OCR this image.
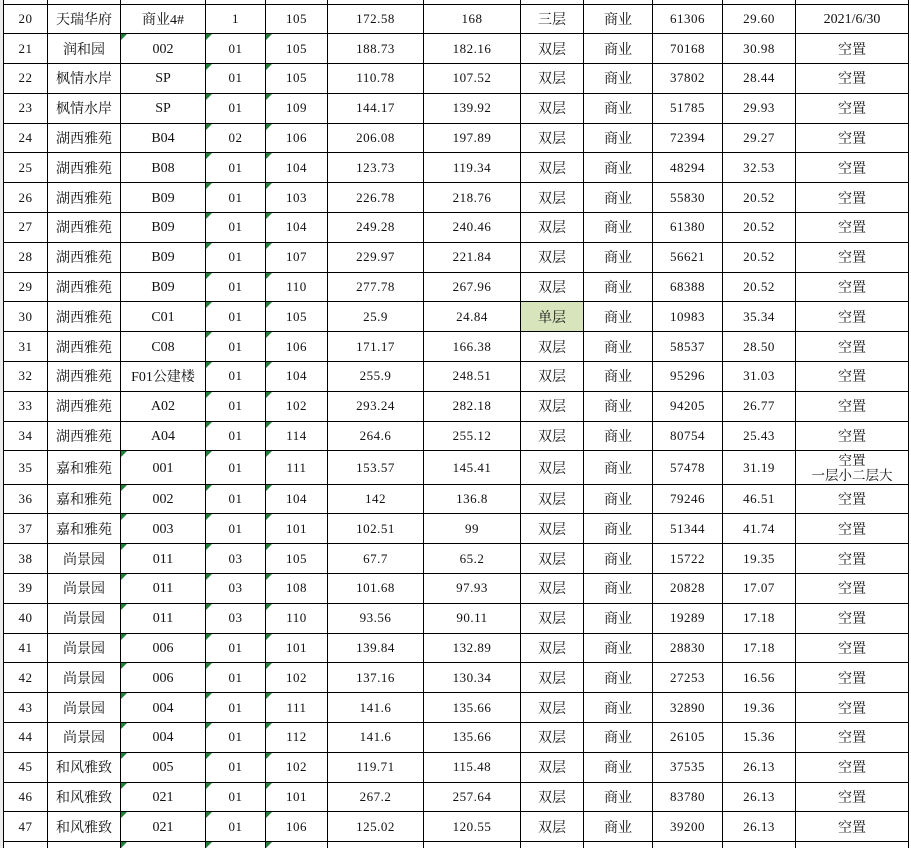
20	天瑞华府	商业4#	1	105	172.58	168	三层	商业	61306	29.60	2021/6/30
21	润和园	002	01	105	188.73	182.16	双层	商业	70168	30.98	空置
22	枫情水岸	SP	01	105	110.78	107.52	双层	商业	37802	28.44	空置
23	枫情水岸	SP	01	109	144.17	139.92	双层	商业	51785	29.93	空置
24	湖西雅苑	B04	02	106	206.08	197.89	双层	商业	72394	29.27	空置
25	湖西雅苑	B08	01	104	123.73	119.34	双层	商业	48294	32.53	空置
26	湖西雅苑	B09	01	103	226.78	218.76	双层	商业	55830	20.52	空置
27	湖西雅苑	B09	01	104	249.28	240.46	双层	商业	61380	20.52	空置
28	湖西雅苑	B09	01	107	229.97	221.84	双层	商业	56621	20.52	空置
29	湖西雅苑	B09	01	110	277.78	267.96	双层	商业	68388	20.52	空置
30	湖西雅苑	C01	01	105	25.9	24.84	单层	商业	10983	35.34	空置
31	湖西雅苑	C08	01	106	171.17	166.38	双层	商业	58537	28.50	空置
32	湖西雅苑	F01公建楼	01	104	255.9	248.51	双层	商业	95296	31.03	空置
33	湖西雅苑	A02	01	102	293.24	282.18	双层	商业	94205	26.77	空置
34	湖西雅苑	A04	01	114	264.6	255.12	双层	商业	80754	25.43	空置
35	嘉和雅苑	001	01	111	153.57	145.41	双层	商业	57478	31.19	空置
一层小二层大

36	嘉和雅苑	002	01	104	142	136.8	双层	商业	79246	46.51	空置
37	嘉和雅苑	003	01	101	102.51	99	双层	商业	51344	41.74	空置
38	尚景园	011	03	105	67.7	65.2	双层	商业	15722	19.35	空置
39	尚景园	011	03	108	101.68	97.93	双层	商业	20828	17.07	空置
40	尚景园	011	03	110	93.56	90.11	双层	商业	19289	17.18	空置
41	尚景园	006	01	101	139.84	132.89	双层	商业	28830	17.18	空置
42	尚景园	006	01	102	137.16	130.34	双层	商业	27253	16.56	空置
43	尚景园	004	01	111	141.6	135.66	双层	商业	32890	19.36	空置
44	尚景园	004	01	112	141.6	135.66	双层	商业	26105	15.36	空置
45	和风雅致	005	01	102	119.71	115.48	双层	商业	37535	26.13	空置
46	和风雅致	021	01	101	267.2	257.64	双层	商业	83780	26.13	空置
47	和风雅致	021	01	106	125.02	120.55	双层	商业	39200	26.13	空置
